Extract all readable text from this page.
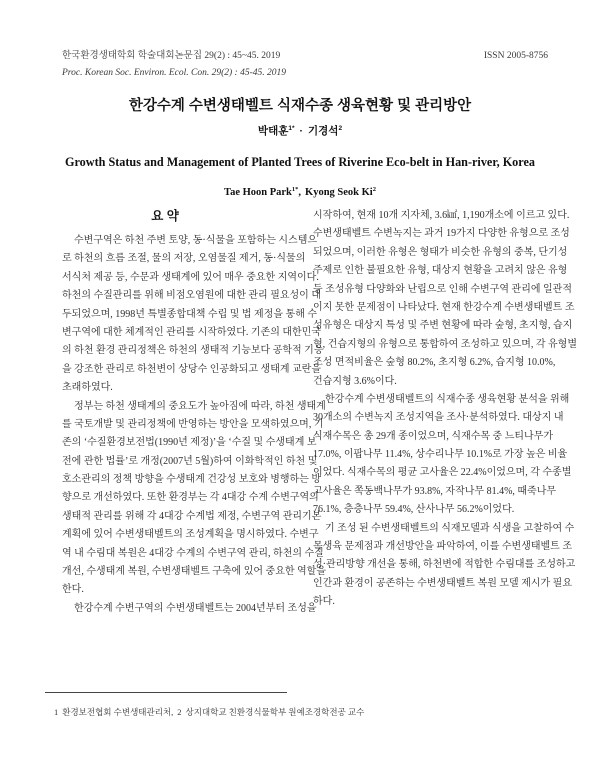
한국환경생태학회 학술대회논문집 29(2) : 45~45. 2019
Proc. Korean Soc. Environ. Ecol. Con. 29(2) : 45-45. 2019
ISSN 2005-8756
한강수계 수변생태벨트 식재수종 생육현황 및 관리방안
박태훈$^{1*}$ · 기경석$^2$
Growth Status and Management of Planted Trees of Riverine Eco-belt in Han-river, Korea
Tae Hoon Park$^{1*}$, Kyong Seok Ki$^2$
요 약
수변구역은 하천 주변 토양, 동·식물을 포함하는 시스템으
로 하천의 흐름 조절, 물의 저장, 오염물질 제거, 동·식물의
서식처 제공 등, 수문과 생태계에 있어 매우 중요한 지역이다.
하천의 수질관리를 위해 비점오염원에 대한 관리 필요성이 대
두되었으며, 1998년 특별종합대책 수립 및 법 제정을 통해 수
변구역에 대한 체계적인 관리를 시작하였다. 기존의 대한민국
의 하천 환경 관리정책은 하천의 생태적 기능보다 공학적 기능
을 강조한 관리로 하천변이 상당수 인공화되고 생태계 교란을
초래하였다.
정부는 하천 생태계의 중요도가 높아짐에 따라, 하천 생태계
를 국토개발 및 관리정책에 반영하는 방안을 모색하였으며, 기
존의 ‘수질환경보전법(1990년 제정)’을 ‘수질 및 수생태계 보
전에 관한 법률’로 개정(2007년 5월)하여 이화학적인 하천 및
호소관리의 정책 방향을 수생태계 건강성 보호와 병행하는 방
향으로 개선하였다. 또한 환경부는 각 4대강 수계 수변구역의
생태적 관리를 위해 각 4대강 수계법 제정, 수변구역 관리기본
계획에 있어 수변생태벨트의 조성계획을 명시하였다. 수변구
역 내 수림대 복원은 4대강 수계의 수변구역 관리, 하천의 수질
개선, 수생태계 복원, 수변생태벨트 구축에 있어 중요한 역할을
한다.
한강수계 수변구역의 수변생태벨트는 2004년부터 조성을
시작하여, 현재 10개 지자체, 3.6㎢, 1,190개소에 이르고 있다.
수변생태벨트 수변녹지는 과거 19가지 다양한 유형으로 조성
되었으며, 이러한 유형은 형태가 비슷한 유형의 중복, 단기성
주제로 인한 불필요한 유형, 대상지 현황을 고려치 않은 유형
등 조성유형 다양화와 난립으로 인해 수변구역 관리에 일관적
이지 못한 문제점이 나타났다. 현재 한강수계 수변생태벨트 조
성유형은 대상지 특성 및 주변 현황에 따라 숲형, 초지형, 습지
형, 건습지형의 유형으로 통합하여 조성하고 있으며, 각 유형별
조성 면적비율은 숲형 80.2%, 초지형 6.2%, 습지형 10.0%,
건습지형 3.6%이다.
한강수계 수변생태벨트의 식재수종 생육현황 분석을 위해
30개소의 수변녹지 조성지역을 조사·분석하였다. 대상지 내
식재수목은 총 29개 종이었으며, 식재수목 중 느티나무가
17.0%, 이팝나무 11.4%, 상수리나무 10.1%로 가장 높은 비율
이었다. 식재수목의 평균 고사율은 22.4%이었으며, 각 수종별
고사율은 쪽동백나무가 93.8%, 자작나무 81.4%, 때죽나무
76.1%, 층층나무 59.4%, 산사나무 56.2%이었다.
기 조성 된 수변생태벨트의 식재모델과 식생을 고찰하여 수
목생육 문제점과 개선방안을 파악하여, 이를 수변생태벨트 조
성·관리방향 개선을 통해, 하천변에 적합한 수림대를 조성하고
인간과 환경이 공존하는 수변생태벨트 복원 모델 제시가 필요
하다.
1 환경보전협회 수변생태관리처, 2 상지대학교 친환경식물학부 원예조경학전공 교수
